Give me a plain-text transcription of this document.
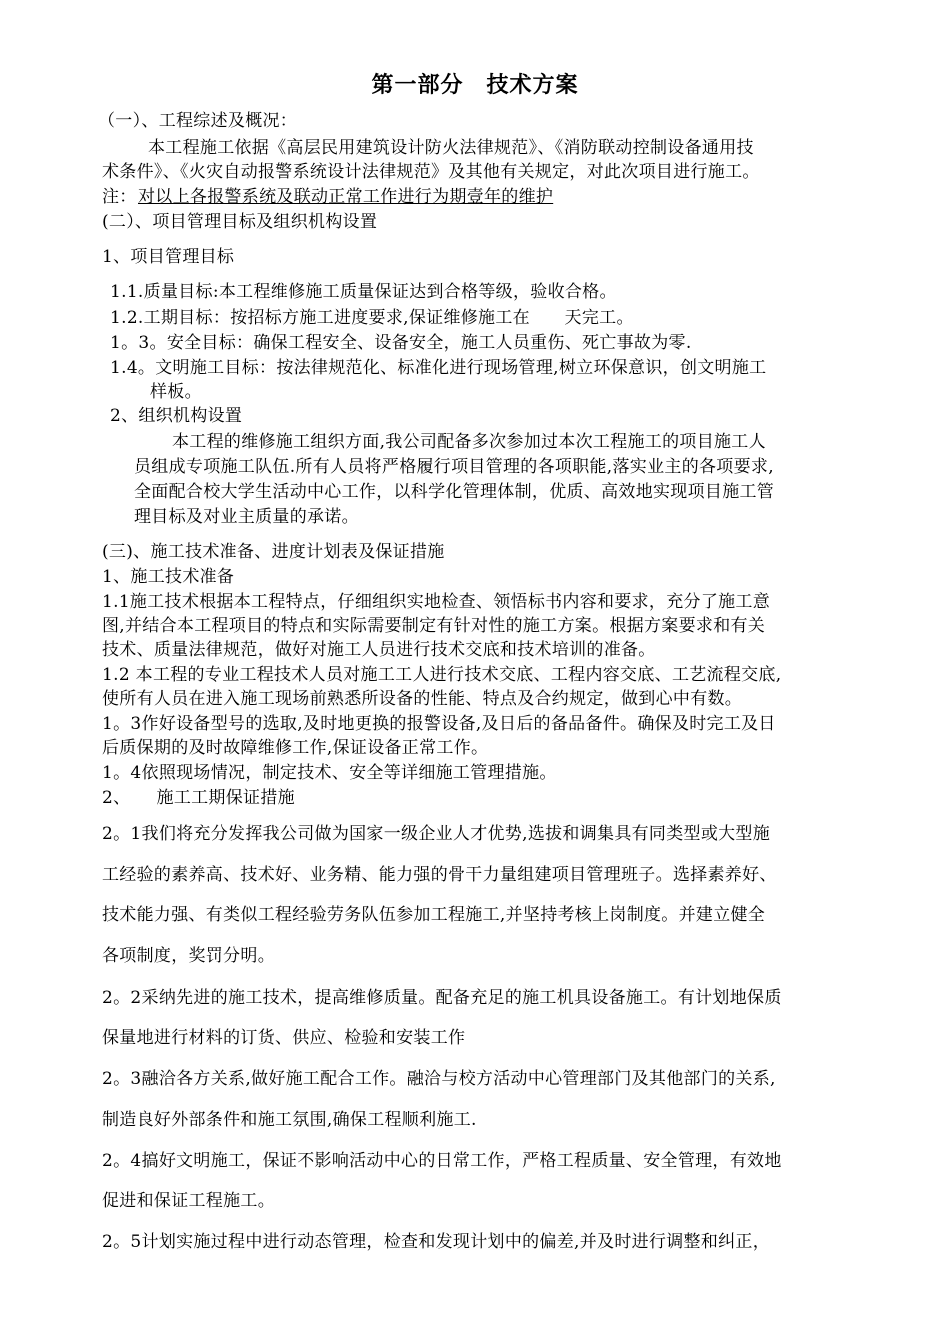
第一部分　技术方案
（一）、工程综述及概况：
本工程施工依据《高层民用建筑设计防火法律规范》、《消防联动控制设备通用技
术条件》、《火灾自动报警系统设计法律规范》及其他有关规定，对此次项目进行施工。
注： 对以上各报警系统及联动正常工作进行为期壹年的维护
(二）、项目管理目标及组织机构设置
1、项目管理目标
1.1.质量目标:本工程维修施工质量保证达到合格等级，验收合格。
1.2.工期目标：按招标方施工进度要求,保证维修施工在　　天完工。
1。3。安全目标：确保工程安全、设备安全，施工人员重伤、死亡事故为零.
1.4。文明施工目标：按法律规范化、标准化进行现场管理,树立环保意识，创文明施工
样板。
2、组织机构设置
本工程的维修施工组织方面,我公司配备多次参加过本次工程施工的项目施工人
员组成专项施工队伍.所有人员将严格履行项目管理的各项职能,落实业主的各项要求,
全面配合校大学生活动中心工作，以科学化管理体制，优质、高效地实现项目施工管
理目标及对业主质量的承诺。
(三)、施工技术准备、进度计划表及保证措施
1、施工技术准备
1.1施工技术根据本工程特点，仔细组织实地检查、领悟标书内容和要求，充分了施工意
图,并结合本工程项目的特点和实际需要制定有针对性的施工方案。根据方案要求和有关
技术、质量法律规范，做好对施工人员进行技术交底和技术培训的准备。
1.2 本工程的专业工程技术人员对施工工人进行技术交底、工程内容交底、工艺流程交底,
使所有人员在进入施工现场前熟悉所设备的性能、特点及合约规定，做到心中有数。
1。3作好设备型号的选取,及时地更换的报警设备,及日后的备品备件。确保及时完工及日
后质保期的及时故障维修工作,保证设备正常工作。
1。4依照现场情况，制定技术、安全等详细施工管理措施。
2、　　施工工期保证措施
2。1我们将充分发挥我公司做为国家一级企业人才优势,选拔和调集具有同类型或大型施
工经验的素养高、技术好、业务精、能力强的骨干力量组建项目管理班子。选择素养好、
技术能力强、有类似工程经验劳务队伍参加工程施工,并坚持考核上岗制度。并建立健全
各项制度，奖罚分明。
2。2采纳先进的施工技术，提高维修质量。配备充足的施工机具设备施工。有计划地保质
保量地进行材料的订货、供应、检验和安装工作
2。3融洽各方关系,做好施工配合工作。融洽与校方活动中心管理部门及其他部门的关系,
制造良好外部条件和施工氛围,确保工程顺利施工.
2。4搞好文明施工，保证不影响活动中心的日常工作，严格工程质量、安全管理，有效地
促进和保证工程施工。
2。5计划实施过程中进行动态管理，检查和发现计划中的偏差,并及时进行调整和纠正，
